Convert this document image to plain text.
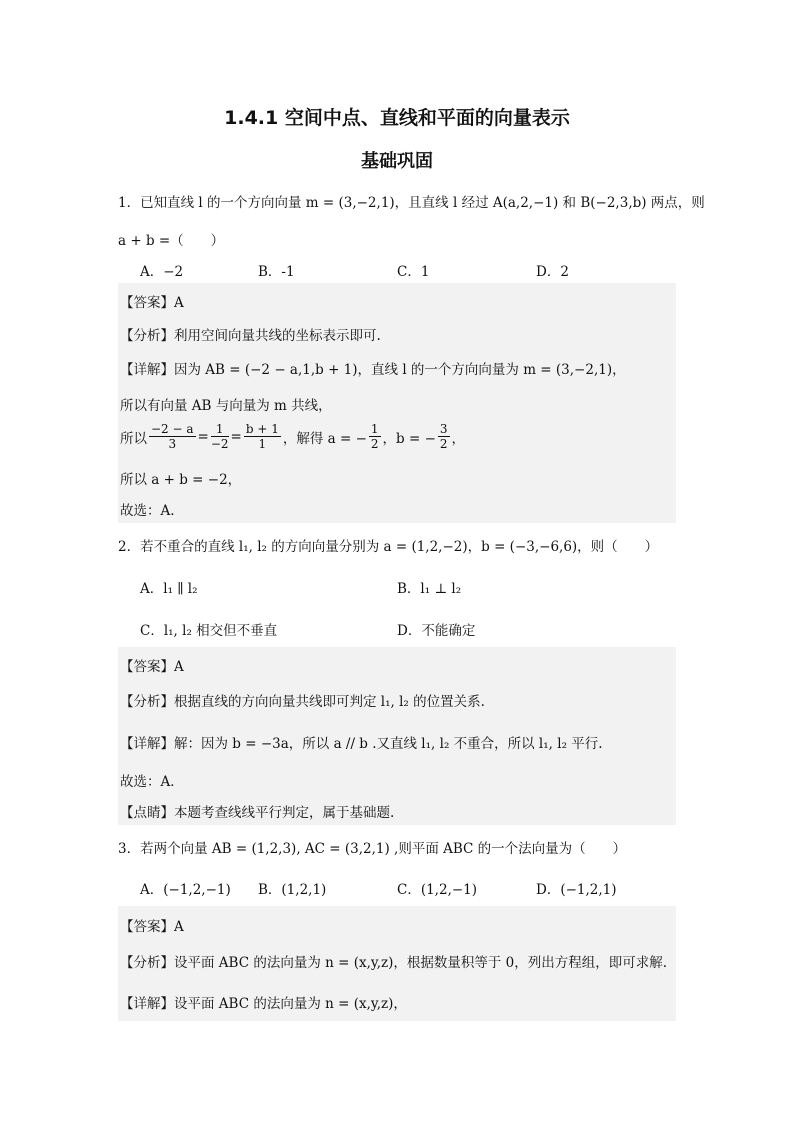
1.4.1 空间中点、直线和平面的向量表示
基础巩固
1．已知直线 l 的一个方向向量 m = (3,−2,1)，且直线 l 经过 A(a,2,−1) 和 B(−2,3,b) 两点，则
a + b =（　　）
A．−2	B．-1	C．1	D．2
【答案】A
【分析】利用空间向量共线的坐标表示即可.
【详解】因为 AB = (−2 − a,1,b + 1)，直线 l 的一个方向向量为 m = (3,−2,1)，
所以有向量 AB 与向量为 m 共线，
所以 $\frac{-2 - a}{3} = \frac{1}{-2} = \frac{b + 1}{1}$ ，解得 a = − $\frac{1}{2}$ ，b = − $\frac{3}{2}$ ，
所以 a + b = −2，
故选：A.
2．若不重合的直线 l₁, l₂ 的方向向量分别为 a = (1,2,−2)，b = (−3,−6,6)，则（　　）
A．l₁ ∥ l₂	B．l₁ ⊥ l₂
C．l₁, l₂ 相交但不垂直	D．不能确定
【答案】A
【分析】根据直线的方向向量共线即可判定 l₁, l₂ 的位置关系.
【详解】解：因为 b = −3a，所以 a // b .又直线 l₁, l₂ 不重合，所以 l₁, l₂ 平行.
故选：A．
【点睛】本题考查线线平行判定，属于基础题.
3．若两个向量 AB = (1,2,3), AC = (3,2,1) ,则平面 ABC 的一个法向量为（　　）
A．(−1,2,−1) B．(1,2,1)	C．(1,2,−1)	D．(−1,2,1)
【答案】A
【分析】设平面 ABC 的法向量为 n = (x,y,z)，根据数量积等于 0，列出方程组，即可求解.
【详解】设平面 ABC 的法向量为 n = (x,y,z)，
